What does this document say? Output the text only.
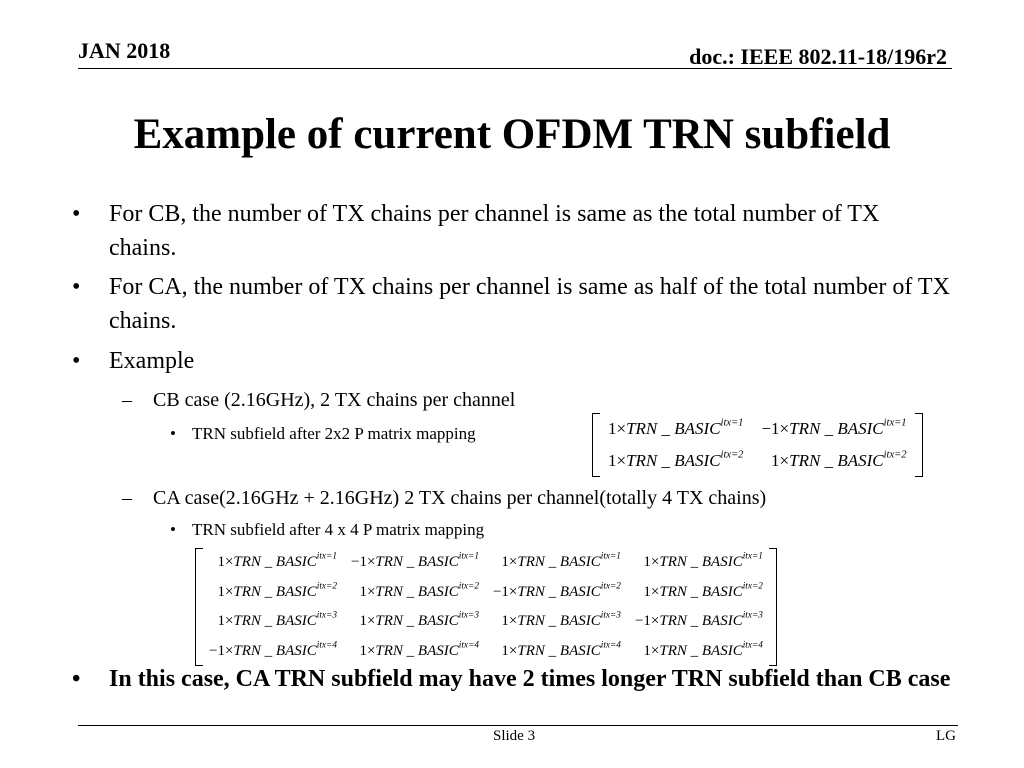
JAN 2018	doc.: IEEE 802.11-18/196r2
Example of current OFDM TRN subfield
•	For CB, the number of TX chains per channel is same as the total number of TX chains.
•	For CA, the number of TX chains per channel is same as half of the total number of TX chains.
•	Example
– CB case (2.16GHz), 2 TX chains per channel
• TRN subfield after 2x2 P matrix mapping	1×TRN _ $BASIC^{itx=1}$	−1×TRN _ $BASIC^{itx=1}$
1×TRN _ $BASIC^{itx=2}$	1×TRN _ $BASIC^{itx=2}$
– CA case(2.16GHz + 2.16GHz) 2 TX chains per channel(totally 4 TX chains)
• TRN subfield after 4 x 4 P matrix mapping
1×TRN _ $BASIC^{itx=1}$	−1×TRN _ $BASIC^{itx=1}$	1×TRN _ $BASIC^{itx=1}$	1×TRN _ $BASIC^{itx=1}$
1×TRN _ $BASIC^{itx=2}$	1×TRN _ $BASIC^{itx=2}$	−1×TRN _ $BASIC^{itx=2}$	1×TRN _ $BASIC^{itx=2}$
1×TRN _ $BASIC^{itx=3}$	1×TRN _ $BASIC^{itx=3}$	1×TRN _ $BASIC^{itx=3}$	−1×TRN _ $BASIC^{itx=3}$
−1×TRN _ $BASIC^{itx=4}$	1×TRN _ $BASIC^{itx=4}$	1×TRN _ $BASIC^{itx=4}$	1×TRN _ $BASIC^{itx=4}$
•	In this case, CA TRN subfield may have 2 times longer TRN subfield than CB case
Slide 3	LG
